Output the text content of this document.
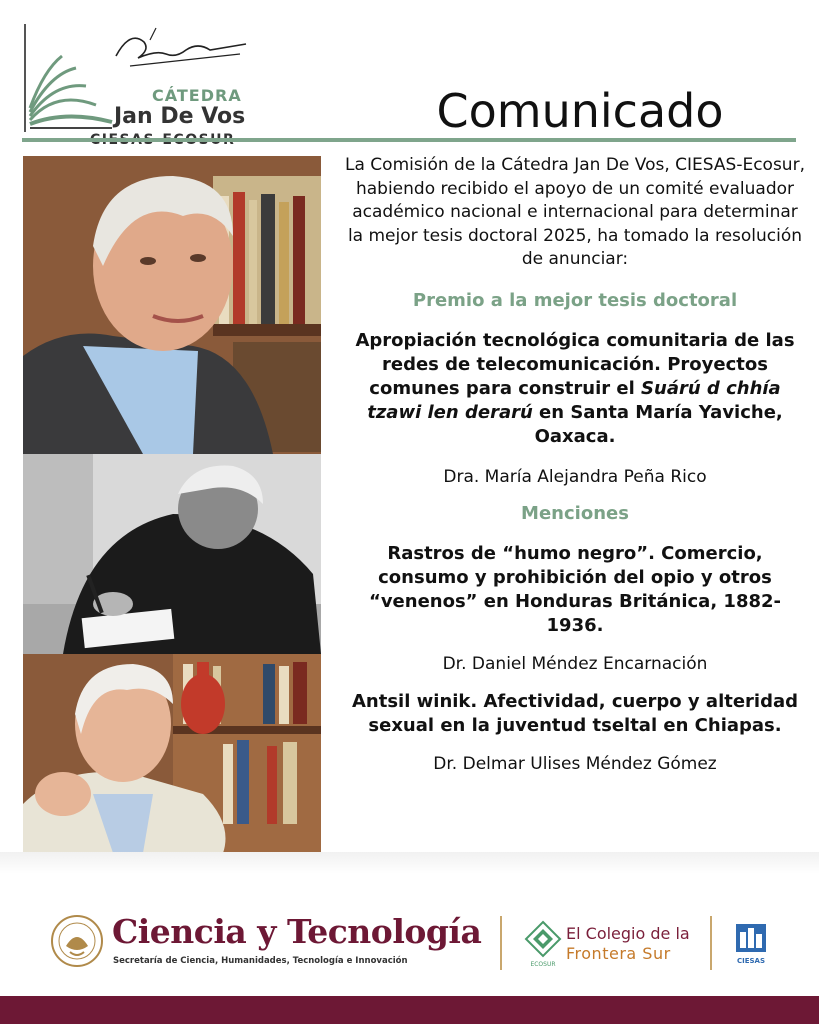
CÁTEDRA
Jan De Vos	Comunicado

La Comisión de la Cátedra Jan De Vos, CIESAS-Ecosur, habiendo recibido el apoyo de un comité evaluador académico nacional e internacional para determinar la mejor tesis doctoral 2025, ha tomado la resolución de anunciar:

Premio a la mejor tesis doctoral

Apropiación tecnológica comunitaria de las redes de telecomunicación. Proyectos comunes para construir el Suárú d chhía tzawi len derarú en Santa María Yaviche, Oaxaca.

Dra. María Alejandra Peña Rico

Menciones

Rastros de “humo negro”. Comercio, consumo y prohibición del opio y otros “venenos” en Honduras Británica, 1882-1936.

Dr. Daniel Méndez Encarnación

Antsil winik. Afectividad, cuerpo y alteridad sexual en la juventud tseltal en Chiapas.

Dr. Delmar Ulises Méndez Gómez

Ciencia y Tecnología
Secretaría de Ciencia, Humanidades, Tecnología e Innovación	ECOSUR
El Colegio de la
Frontera Sur	CIESAS
